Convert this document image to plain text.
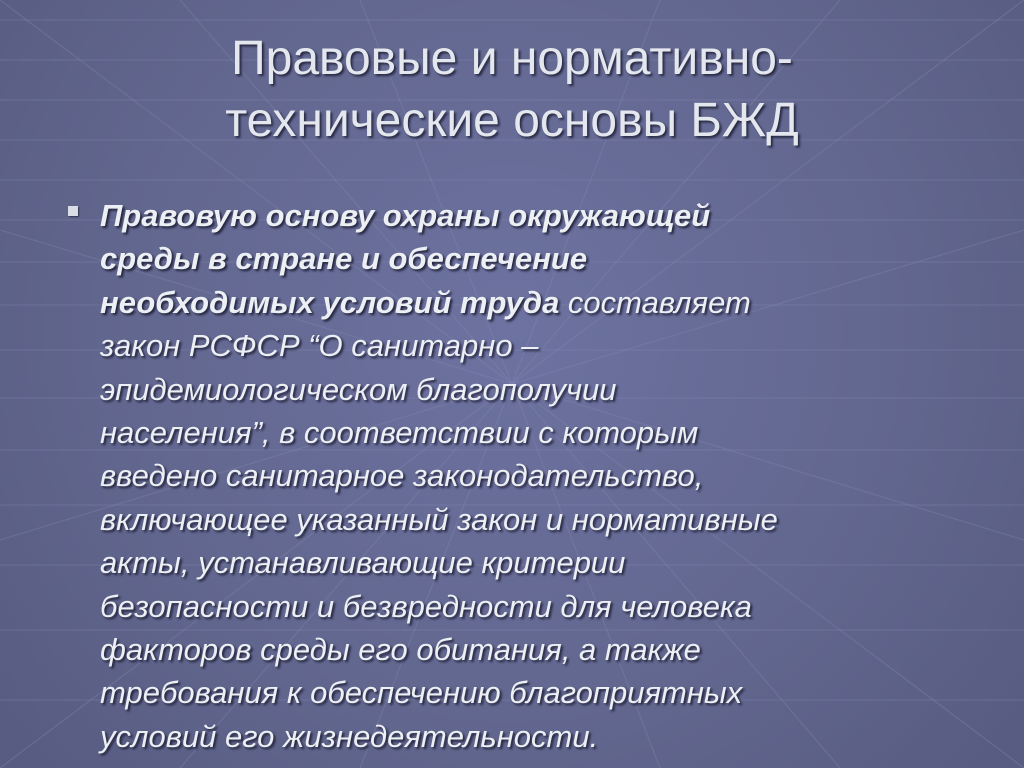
Правовые и нормативно-
технические основы БЖД
Правовую основу охраны окружающей
среды в стране и обеспечение
необходимых условий труда составляет
закон РСФСР “О санитарно –
эпидемиологическом благополучии
населения”, в соответствии с которым
введено санитарное законодательство,
включающее указанный закон и нормативные
акты, устанавливающие критерии
безопасности и безвредности для человека
факторов среды его обитания, а также
требования к обеспечению благоприятных
условий его жизнедеятельности.
